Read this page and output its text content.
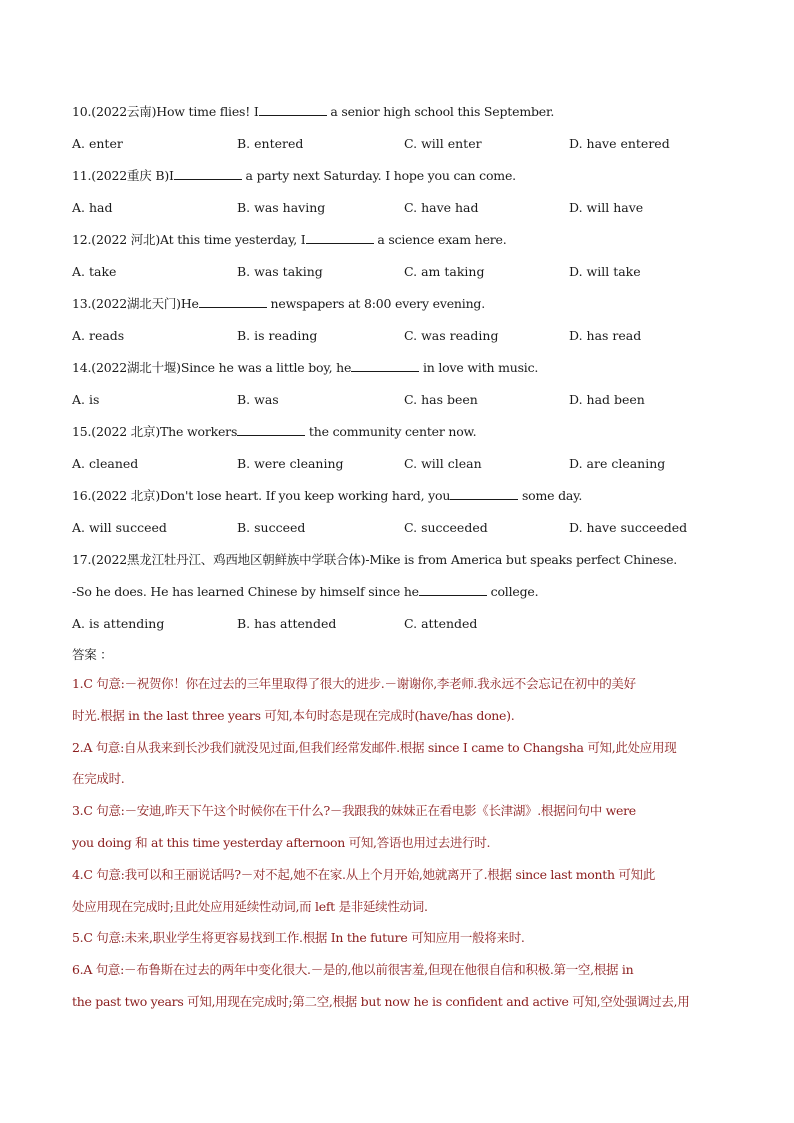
10.(2022云南)How time flies! I	a senior high school this September.
A. enter	B. entered	C. will enter	D. have entered
11.(2022重庆 B)I	a party next Saturday. I hope you can come.
A. had	B. was having	C. have had	D. will have
12.(2022 河北)At this time yesterday, I	a science exam here.
A. take	B. was taking	C. am taking	D. will take
13.(2022湖北天门)He	newspapers at 8:00 every evening.
A. reads	B. is reading	C. was reading	D. has read
14.(2022湖北十堰)Since he was a little boy, he	in love with music.
A. is	B. was	C. has been	D. had been
15.(2022 北京)The workers	the community center now.
A. cleaned	B. were cleaning	C. will clean	D. are cleaning
16.(2022 北京)Don't lose heart. If you keep working hard, you	some day.
A. will succeed	B. succeed	C. succeeded	D. have succeeded
17.(2022黑龙江牡丹江、鸡西地区朝鲜族中学联合体)-Mike is from America but speaks perfect Chinese.
-So he does. He has learned Chinese by himself since he	college.
A. is attending	B. has attended	C. attended
答案 ：
1.C 句意:－祝贺你！你在过去的三年里取得了很大的进步.－谢谢你,李老师.我永远不会忘记在初中的美好
时光.根据 in the last three years 可知,本句时态是现在完成时(have/has done).
2.A 句意:自从我来到长沙我们就没见过面,但我们经常发邮件.根据 since I came to Changsha 可知,此处应用现
在完成时.
3.C 句意:－安迪,昨天下午这个时候你在干什么?－我跟我的妹妹正在看电影《长津湖》.根据问句中 were
you doing 和 at this time yesterday afternoon 可知,答语也用过去进行时.
4.C 句意:我可以和王丽说话吗?－对不起,她不在家.从上个月开始,她就离开了.根据 since last month 可知此
处应用现在完成时;且此处应用延续性动词,而 left 是非延续性动词.
5.C 句意:未来,职业学生将更容易找到工作.根据 In the future 可知应用一般将来时.
6.A 句意:－布鲁斯在过去的两年中变化很大.－是的,他以前很害羞,但现在他很自信和积极.第一空,根据 in
the past two years 可知,用现在完成时;第二空,根据 but now he is confident and active 可知,空处强调过去,用
